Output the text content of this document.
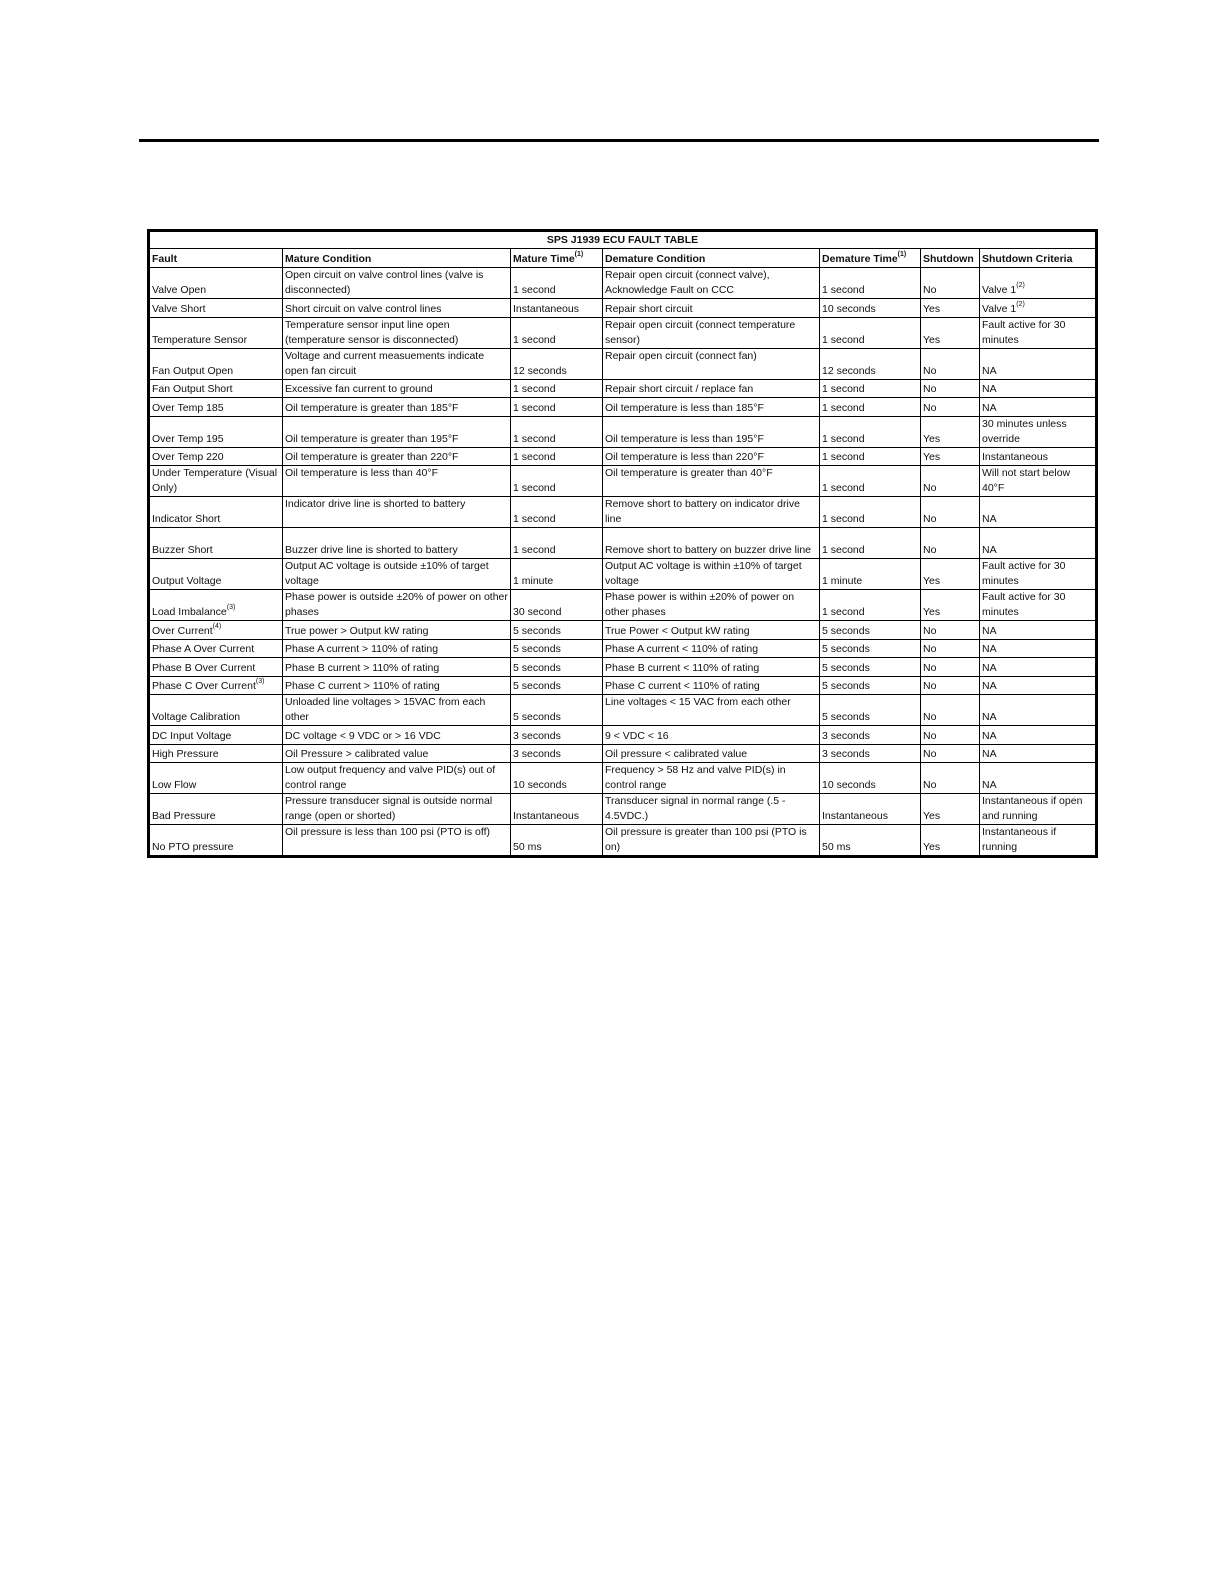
SPS J1939 ECU FAULT TABLE						
Fault	Mature Condition	Mature Time$^{(1)}$	Demature Condition	Demature Time$^{(1)}$	Shutdown	Shutdown Criteria
Valve Open	Open circuit on valve control lines (valve is disconnected)	1 second	Repair open circuit (connect valve), Acknowledge Fault on CCC	1 second	No	Valve 1$^{(2)}$
Valve Short	Short circuit on valve control lines	Instantaneous	Repair short circuit	10 seconds	Yes	Valve 1$^{(2)}$
Temperature Sensor	Temperature sensor input line open (temperature sensor is disconnected)	1 second	Repair open circuit (connect temperature sensor)	1 second	Yes	Fault active for 30 minutes
Fan Output Open	Voltage and current measuements indicate open fan circuit	12 seconds	Repair open circuit (connect fan)	12 seconds	No	NA
Fan Output Short	Excessive fan current to ground	1 second	Repair short circuit / replace fan	1 second	No	NA
Over Temp 185	Oil temperature is greater than 185°F	1 second	Oil temperature is less than 185°F	1 second	No	NA
Over Temp 195	Oil temperature is greater than 195°F	1 second	Oil temperature is less than 195°F	1 second	Yes	30 minutes unless override
Over Temp 220	Oil temperature is greater than 220°F	1 second	Oil temperature is less than 220°F	1 second	Yes	Instantaneous
Under Temperature (Visual Only)	Oil temperature is less than 40°F	1 second	Oil temperature is greater than 40°F	1 second	No	Will not start below 40°F
Indicator Short	Indicator drive line is shorted to battery	1 second	Remove short to battery on indicator drive line	1 second	No	NA
Buzzer Short	Buzzer drive line is shorted to battery	1 second	Remove short to battery on buzzer drive line	1 second	No	NA
Output Voltage	Output AC voltage is outside ±10% of target voltage	1 minute	Output AC voltage is within ±10% of target voltage	1 minute	Yes	Fault active for 30 minutes
Load Imbalance$^{(3)}$	Phase power is outside ±20% of power on other phases	30 second	Phase power is within ±20% of power on other phases	1 second	Yes	Fault active for 30 minutes
Over Current$^{(4)}$	True power > Output kW rating	5 seconds	True Power < Output kW rating	5 seconds	No	NA
Phase A Over Current	Phase A current > 110% of rating	5 seconds	Phase A current < 110% of rating	5 seconds	No	NA
Phase B Over Current	Phase B current > 110% of rating	5 seconds	Phase B current < 110% of rating	5 seconds	No	NA
Phase C Over Current$^{(3)}$	Phase C current > 110% of rating	5 seconds	Phase C current < 110% of rating	5 seconds	No	NA
Voltage Calibration	Unloaded line voltages > 15VAC from each other	5 seconds	Line voltages < 15 VAC from each other	5 seconds	No	NA
DC Input Voltage	DC voltage < 9 VDC or > 16 VDC	3 seconds	9 < VDC < 16	3 seconds	No	NA
High Pressure	Oil Pressure > calibrated value	3 seconds	Oil pressure < calibrated value	3 seconds	No	NA
Low Flow	Low output frequency and valve PID(s) out of control range	10 seconds	Frequency > 58 Hz and valve PID(s) in control range	10 seconds	No	NA
Bad Pressure	Pressure transducer signal is outside normal range (open or shorted)	Instantaneous	Transducer signal in normal range (.5 - 4.5VDC.)	Instantaneous	Yes	Instantaneous if open and running
No PTO pressure	Oil pressure is less than 100 psi (PTO is off)	50 ms	Oil pressure is greater than 100 psi (PTO is on)	50 ms	Yes	Instantaneous if running
